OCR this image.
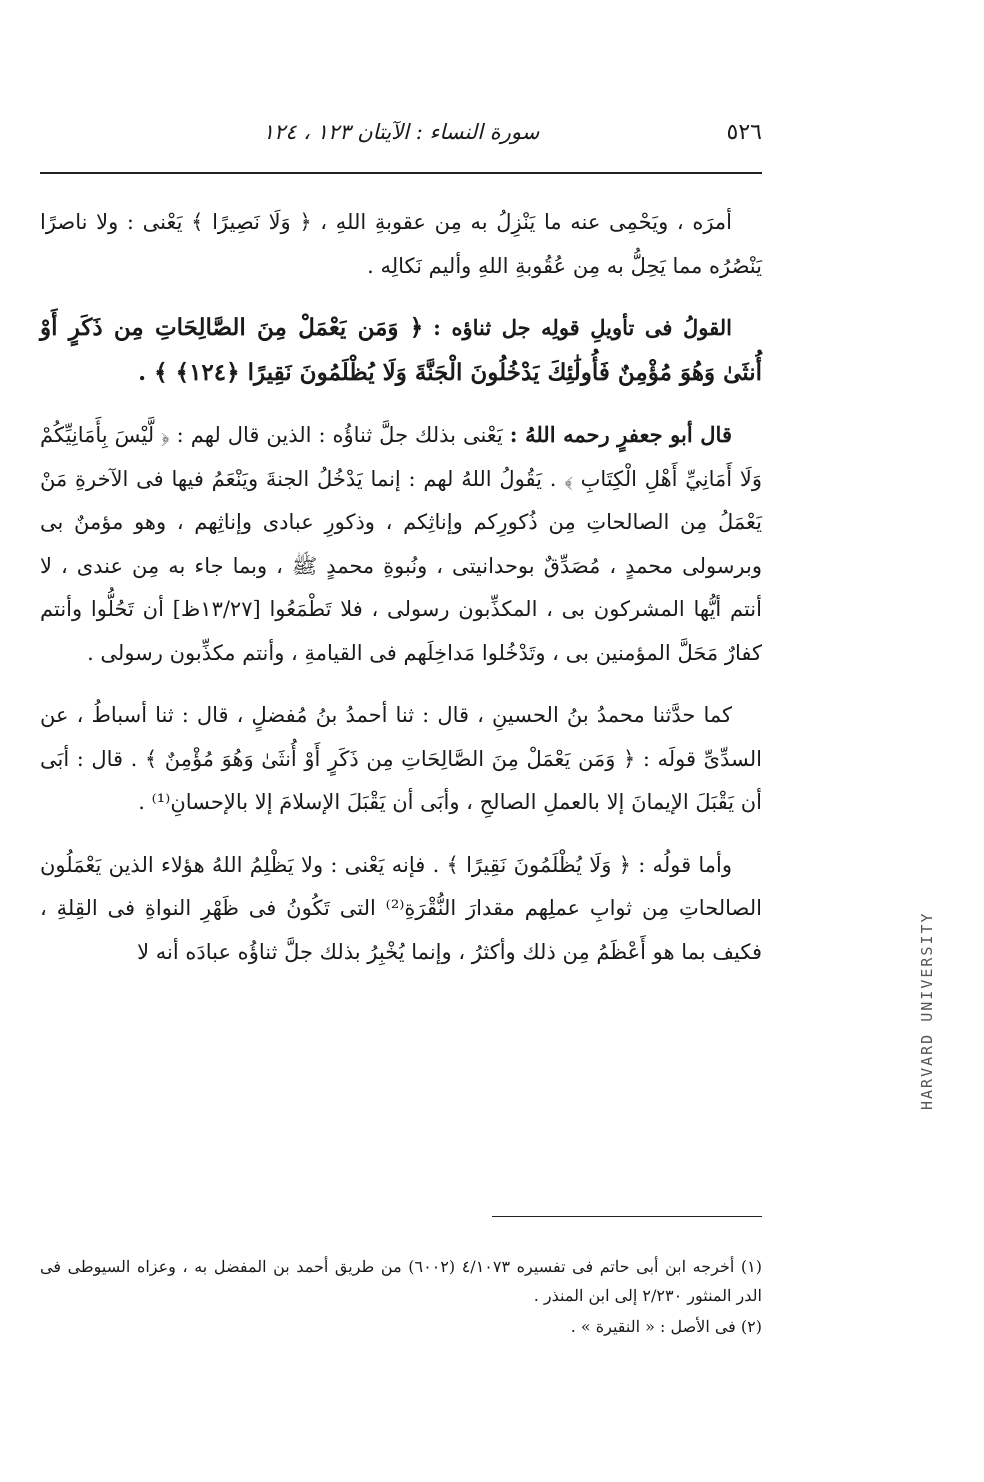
٥٢٦
سورة النساء : الآيتان ١٢٣ ، ١٢٤

أمرَه ، ويَحْمِى عنه ما يَنْزِلُ به مِن عقوبةِ اللهِ ، ﴿ وَلَا نَصِيرًا ﴾ يَعْنى : ولا ناصرًا يَنْصُرُه مما يَحِلُّ به مِن عُقُوبةِ اللهِ وأليم نَكالِه .

القولُ فى تأويلِ قولِه جل ثناؤه : ﴿ وَمَن يَعْمَلْ مِنَ الصَّالِحَاتِ مِن ذَكَرٍ أَوْ أُنثَىٰ وَهُوَ مُؤْمِنٌ فَأُولَٰئِكَ يَدْخُلُونَ الْجَنَّةَ وَلَا يُظْلَمُونَ نَقِيرًا ﴿١٢٤﴾ ﴾ .

قال أبو جعفرٍ رحمه اللهُ : يَعْنى بذلك جلَّ ثناؤُه : الذين قال لهم : ﴿ لَّيْسَ بِأَمَانِيِّكُمْ وَلَا أَمَانِيِّ أَهْلِ الْكِتَابِ ﴾ . يَقُولُ اللهُ لهم : إنما يَدْخُلُ الجنةَ ويَنْعَمُ فيها فى الآخرةِ مَنْ يَعْمَلُ مِن الصالحاتِ مِن ذُكورِكم وإناثِكم ، وذكورِ عبادى وإناثِهم ، وهو مؤمنٌ بى وبرسولى محمدٍ ، مُصَدِّقٌ بوحدانيتى ، ونُبوةِ محمدٍ ﷺ ، وبما جاء به مِن عندى ، لا أنتم أيُّها المشركون بى ، المكذِّبون رسولى ، فلا تَطْمَعُوا [١٣/٢٧ظ] أن تَحُلُّوا وأنتم كفارٌ مَحَلَّ المؤمنين بى ، وتَدْخُلوا مَداخِلَهم فى القيامةِ ، وأنتم مكذِّبون رسولى .

كما حدَّثنا محمدُ بنُ الحسينِ ، قال : ثنا أحمدُ بنُ مُفضلٍ ، قال : ثنا أسباطُ ، عن السدِّىِّ قولَه : ﴿ وَمَن يَعْمَلْ مِنَ الصَّالِحَاتِ مِن ذَكَرٍ أَوْ أُنثَىٰ وَهُوَ مُؤْمِنٌ ﴾ . قال : أبَى أن يَقْبَلَ الإيمانَ إلا بالعملِ الصالحِ ، وأبَى أن يَقْبَلَ الإسلامَ إلا بالإحسانِ⁽¹⁾ .

وأما قولُه : ﴿ وَلَا يُظْلَمُونَ نَقِيرًا ﴾ . فإنه يَعْنى : ولا يَظْلِمُ اللهُ هؤلاء الذين يَعْمَلُون الصالحاتِ مِن ثوابِ عملِهم مقدارَ النُّقْرَةِ⁽²⁾ التى تَكُونُ فى ظَهْرِ النواةِ فى القِلةِ ، فكيف بما هو أَعْظَمُ مِن ذلك وأكثرُ ، وإنما يُخْبِرُ بذلك جلَّ ثناؤُه عبادَه أنه لا

(١) أخرجه ابن أبى حاتم فى تفسيره ٤/١٠٧٣ (٦٠٠٢) من طريق أحمد بن المفضل به ، وعزاه السيوطى فى الدر المنثور ٢/٢٣٠ إلى ابن المنذر .

(٢) فى الأصل : « النقيرة » .

HARVARD UNIVERSITY
